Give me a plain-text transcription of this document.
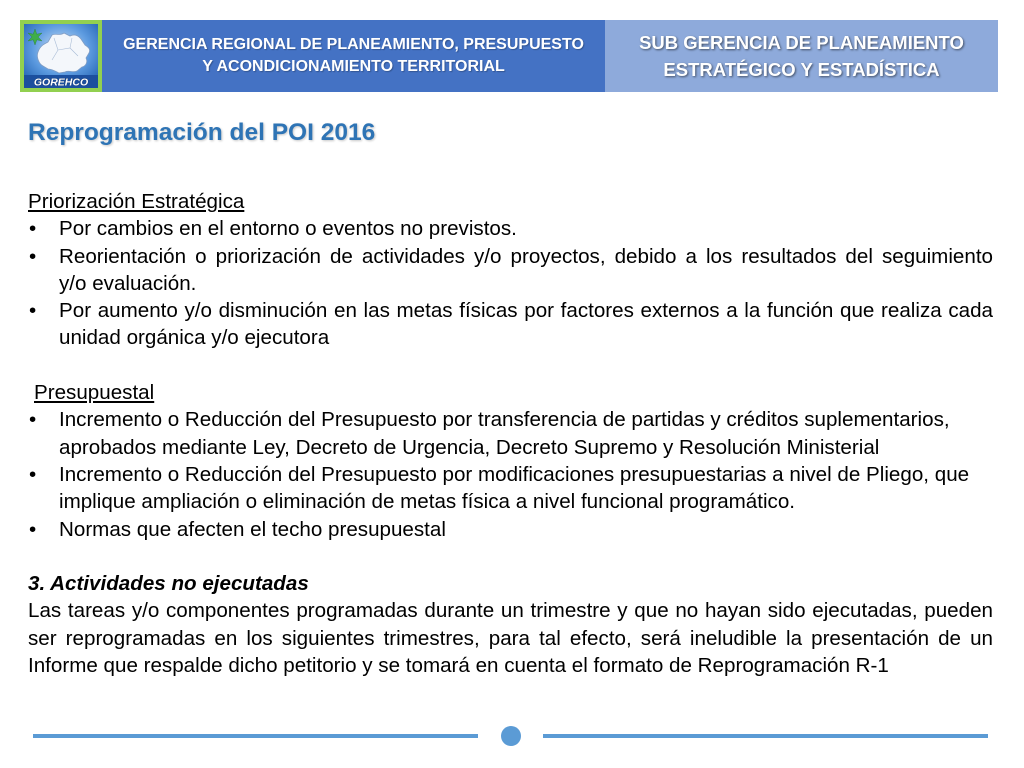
GOREHCO
GERENCIA REGIONAL DE PLANEAMIENTO, PRESUPUESTO
Y ACONDICIONAMIENTO TERRITORIAL
SUB GERENCIA DE PLANEAMIENTO
ESTRATÉGICO Y ESTADÍSTICA
Reprogramación del POI 2016
Priorización Estratégica
• Por cambios en el entorno o eventos no previstos.
• Reorientación o priorización de actividades y/o proyectos, debido a los resultados del seguimiento
y/o evaluación.
• Por aumento y/o disminución en las metas físicas por factores externos a la función que realiza cada
unidad orgánica y/o ejecutora
Presupuestal
• Incremento o Reducción del Presupuesto por transferencia de partidas y créditos suplementarios,
aprobados mediante Ley, Decreto de Urgencia, Decreto Supremo y Resolución Ministerial
• Incremento o Reducción del Presupuesto por modificaciones presupuestarias a nivel de Pliego, que
implique ampliación o eliminación de metas física a nivel funcional programático.
• Normas que afecten el techo presupuestal
3. Actividades no ejecutadas
Las tareas y/o componentes programadas durante un trimestre y que no hayan sido ejecutadas, pueden
ser reprogramadas en los siguientes trimestres, para tal efecto, será ineludible la presentación de un
Informe que respalde dicho petitorio y se tomará en cuenta el formato de Reprogramación R-1
